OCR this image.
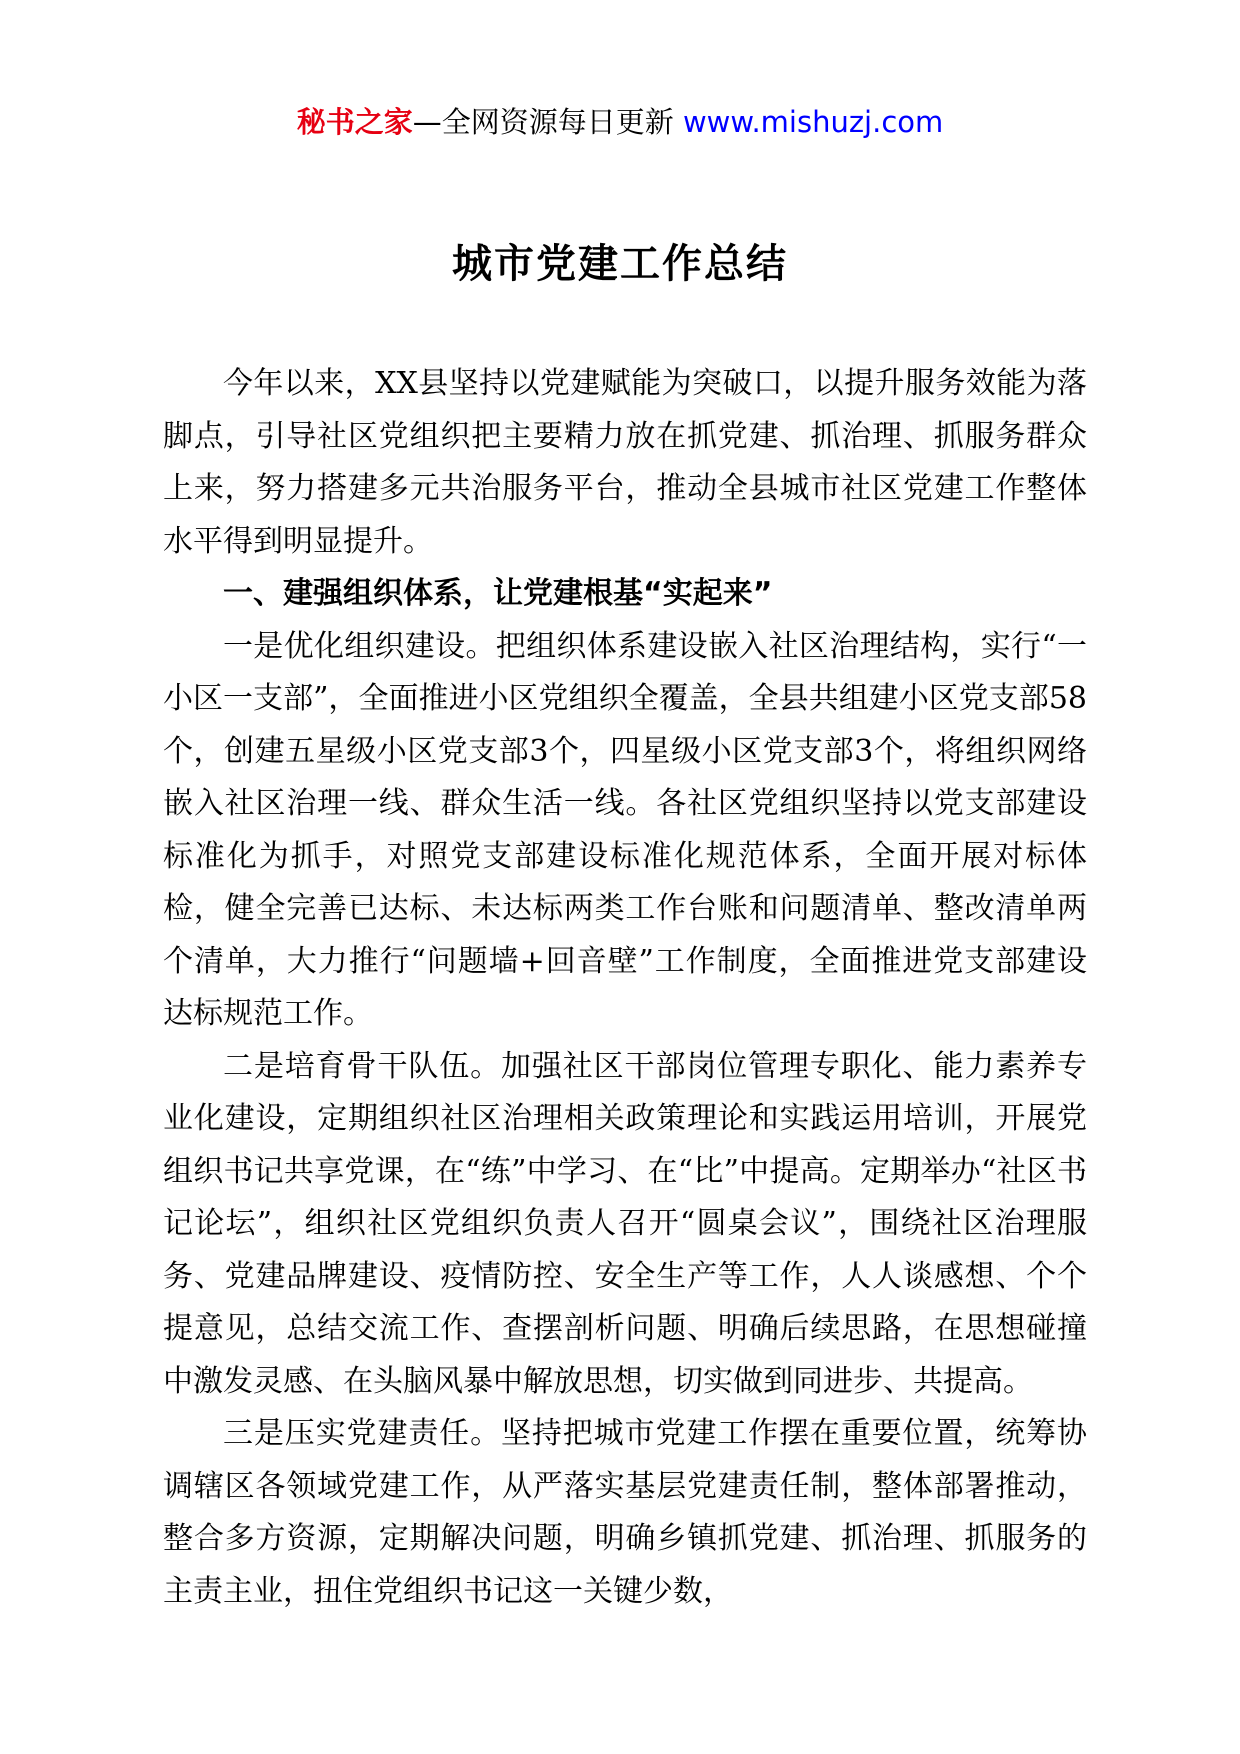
秘书之家—全网资源每日更新 www.mishuzj.com
城市党建工作总结

今年以来，XX县坚持以党建赋能为突破口，以提升服务效能为落脚点，引导社区党组织把主要精力放在抓党建、抓治理、抓服务群众上来，努力搭建多元共治服务平台，推动全县城市社区党建工作整体水平得到明显提升。

一、建强组织体系，让党建根基“实起来”

一是优化组织建设。把组织体系建设嵌入社区治理结构，实行“一小区一支部”，全面推进小区党组织全覆盖，全县共组建小区党支部58个，创建五星级小区党支部3个，四星级小区党支部3个，将组织网络嵌入社区治理一线、群众生活一线。各社区党组织坚持以党支部建设标准化为抓手，对照党支部建设标准化规范体系，全面开展对标体检，健全完善已达标、未达标两类工作台账和问题清单、整改清单两个清单，大力推行“问题墙+回音壁”工作制度，全面推进党支部建设达标规范工作。

二是培育骨干队伍。加强社区干部岗位管理专职化、能力素养专业化建设，定期组织社区治理相关政策理论和实践运用培训，开展党组织书记共享党课，在“练”中学习、在“比”中提高。定期举办“社区书记论坛”，组织社区党组织负责人召开“圆桌会议”，围绕社区治理服务、党建品牌建设、疫情防控、安全生产等工作，人人谈感想、个个提意见，总结交流工作、查摆剖析问题、明确后续思路，在思想碰撞中激发灵感、在头脑风暴中解放思想，切实做到同进步、共提高。

三是压实党建责任。坚持把城市党建工作摆在重要位置，统筹协调辖区各领域党建工作，从严落实基层党建责任制，整体部署推动，整合多方资源，定期解决问题，明确乡镇抓党建、抓治理、抓服务的主责主业，扭住党组织书记这一关键少数，
